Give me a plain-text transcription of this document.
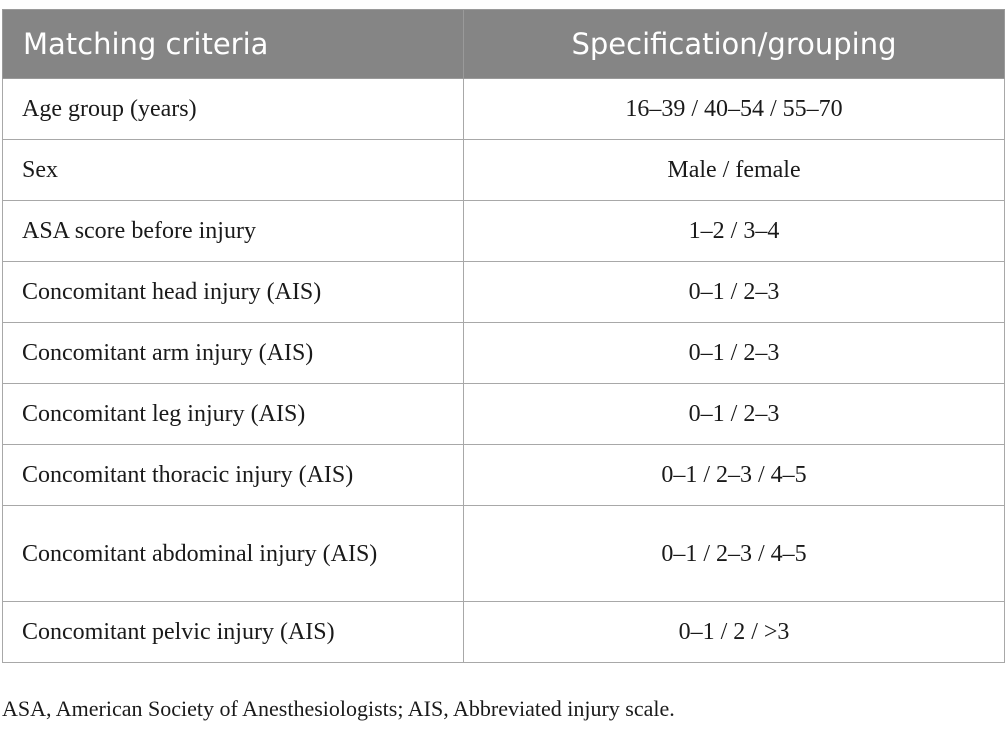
Matching criteria	Specification/grouping
Age group (years)	16–39 / 40–54 / 55–70
Sex	Male / female
ASA score before injury	1–2 / 3–4
Concomitant head injury (AIS)	0–1 / 2–3
Concomitant arm injury (AIS)	0–1 / 2–3
Concomitant leg injury (AIS)	0–1 / 2–3
Concomitant thoracic injury (AIS)	0–1 / 2–3 / 4–5
Concomitant abdominal injury (AIS)	0–1 / 2–3 / 4–5
Concomitant pelvic injury (AIS)	0–1 / 2 / >3
ASA, American Society of Anesthesiologists; AIS, Abbreviated injury scale.
